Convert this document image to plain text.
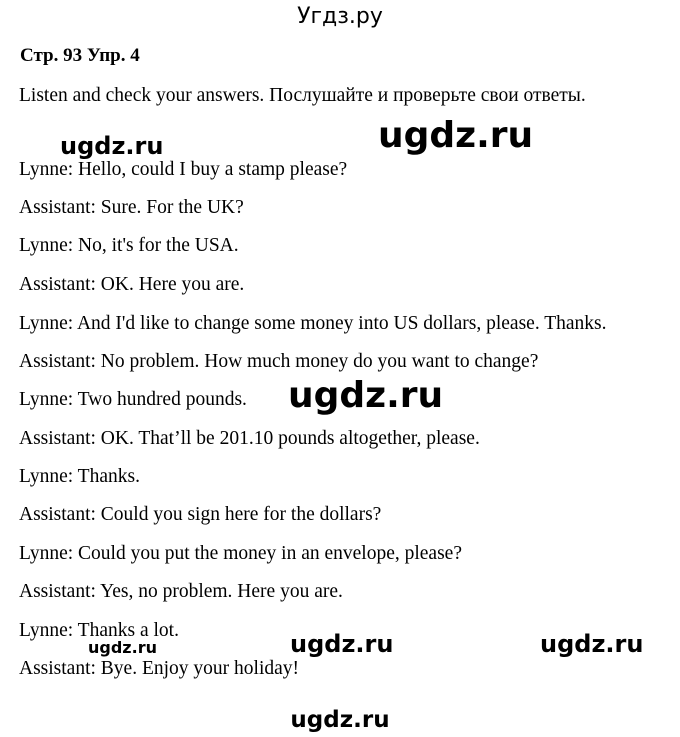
Угдз.ру
Стр. 93 Упр. 4
Listen and check your answers. Послушайте и проверьте свои ответы.
Lynne: Hello, could I buy a stamp please?
Assistant: Sure. For the UK?
Lynne: No, it's for the USA.
Assistant: OK. Here you are.
Lynne: And I'd like to change some money into US dollars, please. Thanks.
Assistant: No problem. How much money do you want to change?
Lynne: Two hundred pounds.
Assistant: OK. That’ll be 201.10 pounds altogether, please.
Lynne: Thanks.
Assistant: Could you sign here for the dollars?
Lynne: Could you put the money in an envelope, please?
Assistant: Yes, no problem. Here you are.
Lynne: Thanks a lot.
Assistant: Bye. Enjoy your holiday!
ugdz.ru	ugdz.ru
ugdz.ru
ugdz.ru	ugdz.ru
ugdz.ru
ugdz.ru
